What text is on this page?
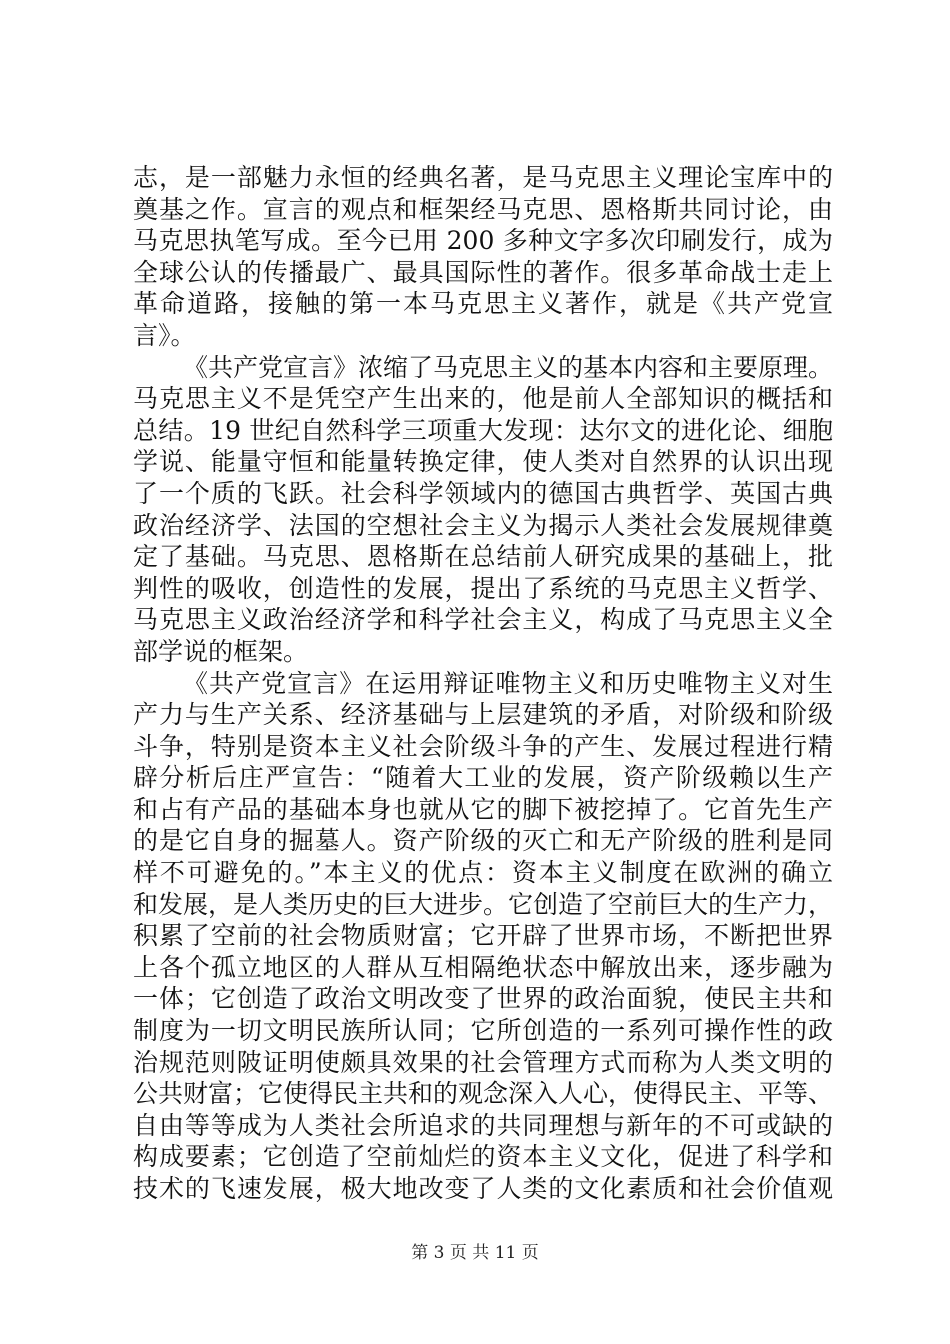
志，是一部魅力永恒的经典名著，是马克思主义理论宝库中的
奠基之作。宣言的观点和框架经马克思、恩格斯共同讨论，由
马克思执笔写成。至今已用 200 多种文字多次印刷发行，成为
全球公认的传播最广、最具国际性的著作。很多革命战士走上
革命道路，接触的第一本马克思主义著作，就是《共产党宣
言》。
《共产党宣言》浓缩了马克思主义的基本内容和主要原理。
马克思主义不是凭空产生出来的，他是前人全部知识的概括和
总结。19 世纪自然科学三项重大发现：达尔文的进化论、细胞
学说、能量守恒和能量转换定律，使人类对自然界的认识出现
了一个质的飞跃。社会科学领域内的德国古典哲学、英国古典
政治经济学、法国的空想社会主义为揭示人类社会发展规律奠
定了基础。马克思、恩格斯在总结前人研究成果的基础上，批
判性的吸收，创造性的发展，提出了系统的马克思主义哲学、
马克思主义政治经济学和科学社会主义，构成了马克思主义全
部学说的框架。
《共产党宣言》在运用辩证唯物主义和历史唯物主义对生
产力与生产关系、经济基础与上层建筑的矛盾，对阶级和阶级
斗争，特别是资本主义社会阶级斗争的产生、发展过程进行精
辟分析后庄严宣告：“随着大工业的发展，资产阶级赖以生产
和占有产品的基础本身也就从它的脚下被挖掉了。它首先生产
的是它自身的掘墓人。资产阶级的灭亡和无产阶级的胜利是同
样不可避免的。”本主义的优点：资本主义制度在欧洲的确立
和发展，是人类历史的巨大进步。它创造了空前巨大的生产力，
积累了空前的社会物质财富；它开辟了世界市场，不断把世界
上各个孤立地区的人群从互相隔绝状态中解放出来，逐步融为
一体；它创造了政治文明改变了世界的政治面貌，使民主共和
制度为一切文明民族所认同；它所创造的一系列可操作性的政
治规范则陂证明使颇具效果的社会管理方式而称为人类文明的
公共财富；它使得民主共和的观念深入人心，使得民主、平等、
自由等等成为人类社会所追求的共同理想与新年的不可或缺的
构成要素；它创造了空前灿烂的资本主义文化，促进了科学和
技术的飞速发展，极大地改变了人类的文化素质和社会价值观
第 3 页 共 11 页
